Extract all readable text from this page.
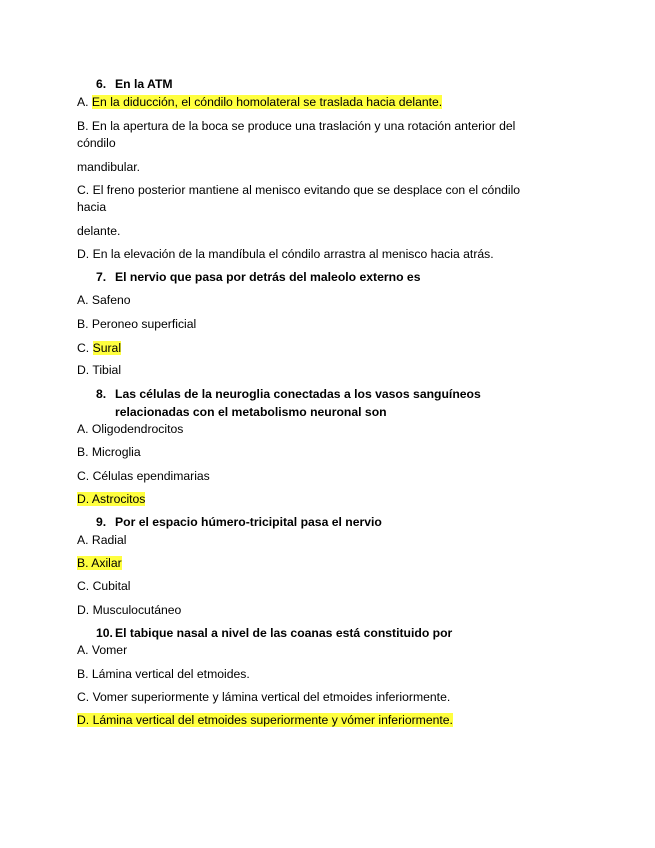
6. En la ATM
A. En la diducción, el cóndilo homolateral se traslada hacia delante.
B. En la apertura de la boca se produce una traslación y una rotación anterior del
cóndilo
mandibular.
C. El freno posterior mantiene al menisco evitando que se desplace con el cóndilo
hacia
delante.
D. En la elevación de la mandíbula el cóndilo arrastra al menisco hacia atrás.
7. El nervio que pasa por detrás del maleolo externo es
A. Safeno
B. Peroneo superficial
C. Sural
D. Tibial
8. Las células de la neuroglia conectadas a los vasos sanguíneos
relacionadas con el metabolismo neuronal son
A. Oligodendrocitos
B. Microglia
C. Células ependimarias
D. Astrocitos
9. Por el espacio húmero-tricipital pasa el nervio
A. Radial
B. Axilar
C. Cubital
D. Musculocutáneo
10. El tabique nasal a nivel de las coanas está constituido por
A. Vomer
B. Lámina vertical del etmoides.
C. Vomer superiormente y lámina vertical del etmoides inferiormente.
D. Lámina vertical del etmoides superiormente y vómer inferiormente.
